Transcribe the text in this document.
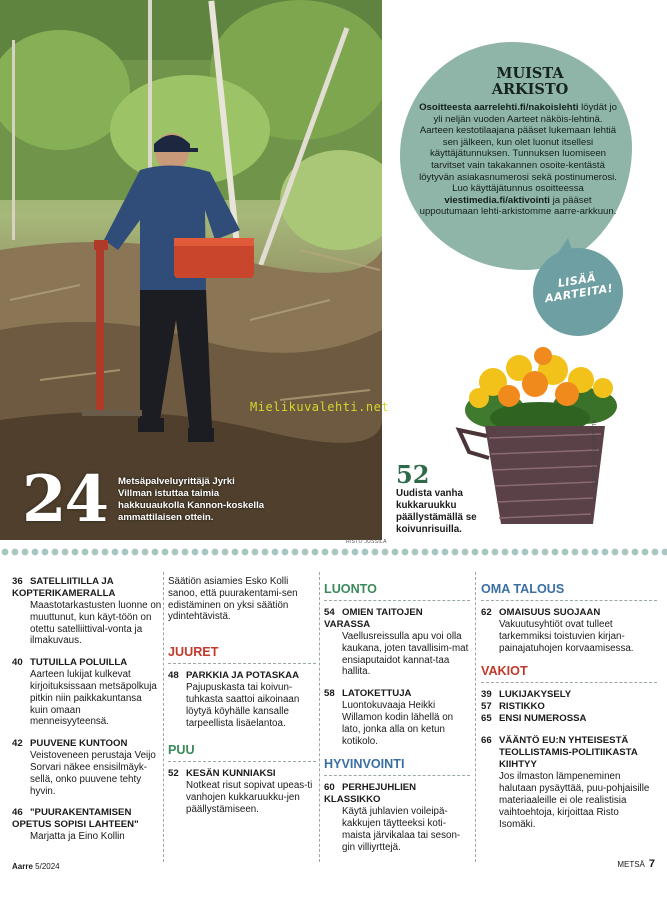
24 Metsäpalveluyrittäjä Jyrki Villman istuttaa taimia hakkuuaukolla Kannon-koskella ammattilaisen ottein.
RISTO JUSSILA
MUISTA
ARKISTO
Osoitteesta aarrelehti.fi/nakoislehti löydät jo yli neljän vuoden Aarteet näköis-lehtinä. Aarteen kestotilaajana pääset lukemaan lehtiä sen jälkeen, kun olet luonut itsellesi käyttäjätunnuksen. Tunnuksen luomiseen tarvitset vain takakannen osoite-kentästä löytyvän asiakasnumerosi sekä postinumerosi. Luo käyttäjätunnus osoitteessa viestimedia.fi/aktivointi ja pääset uppoutumaan lehti-arkistomme aarre-arkkuun.
LISÄÄ AARTEITA!
Mielikuvalehti.net
SUSANNA KORTELAINEN
52
Uudista vanha kukkaruukku päällystämällä se koivunrisuilla.
36 SATELLIITILLA JA KOPTERIKAMERALLA
Maastotarkastusten luonne on muuttunut, kun käyt-töön on otettu satelliittival-vonta ja ilmakuvaus.
40 TUTUILLA POLUILLA
Aarteen lukijat kulkevat kirjoituksissaan metsäpolkuja pitkin niin paikkakuntansa kuin omaan menneisyyteensä.
42 PUUVENE KUNTOON
Veistoveneen perustaja Veijo Sorvari näkee ensisilmäyk-sellä, onko puuvene tehty hyvin.
46 "PUURAKENTAMISEN OPETUS SOPISI LAHTEEN"
Marjatta ja Eino Kollin
Säätiön asiamies Esko Kolli sanoo, että puurakentami-sen edistäminen on yksi säätiön ydintehtävistä.
JUURET
48 PARKKIA JA POTASKAA
Pajupuskasta tai koivun-tuhkasta saattoi aikoinaan löytyä köyhälle kansalle tarpeellista lisäelantoa.
PUU
52 KESÄN KUNNIAKSI
Notkeat risut sopivat upeas-ti vanhojen kukkaruukku-jen päällystämiseen.
LUONTO
54 OMIEN TAITOJEN VARASSA
Vaellusreissulla apu voi olla kaukana, joten tavallisim-mat ensiaputaidot kannat-taa hallita.
58 LATOKETTUJA
Luontokuvaaja Heikki Willamon kodin lähellä on lato, jonka alla on ketun kotikolo.
HYVINVOINTI
60 PERHEJUHLIEN KLASSIKKO
Käytä juhlavien voileipä-kakkujen täytteeksi koti-maista järvikalaa tai seson-gin villiyrttejä.
OMA TALOUS
62 OMAISUUS SUOJAAN
Vakuutusyhtiöt ovat tulleet tarkemmiksi toistuvien kirjan-painajatuhojen korvaamisessa.
VAKIOT
39 LUKIJAKYSELY
57 RISTIKKO
65 ENSI NUMEROSSA
66 VÄÄNTÖ EU:N YHTEISESTÄ TEOLLISTAMIS-POLITIIKASTA KIIHTYY
Jos ilmaston lämpeneminen halutaan pysäyttää, puu-pohjaisille materiaaleille ei ole realistisia vaihtoehtoja, kirjoittaa Risto Isomäki.
Aarre 5/2024	METSÄ 7
